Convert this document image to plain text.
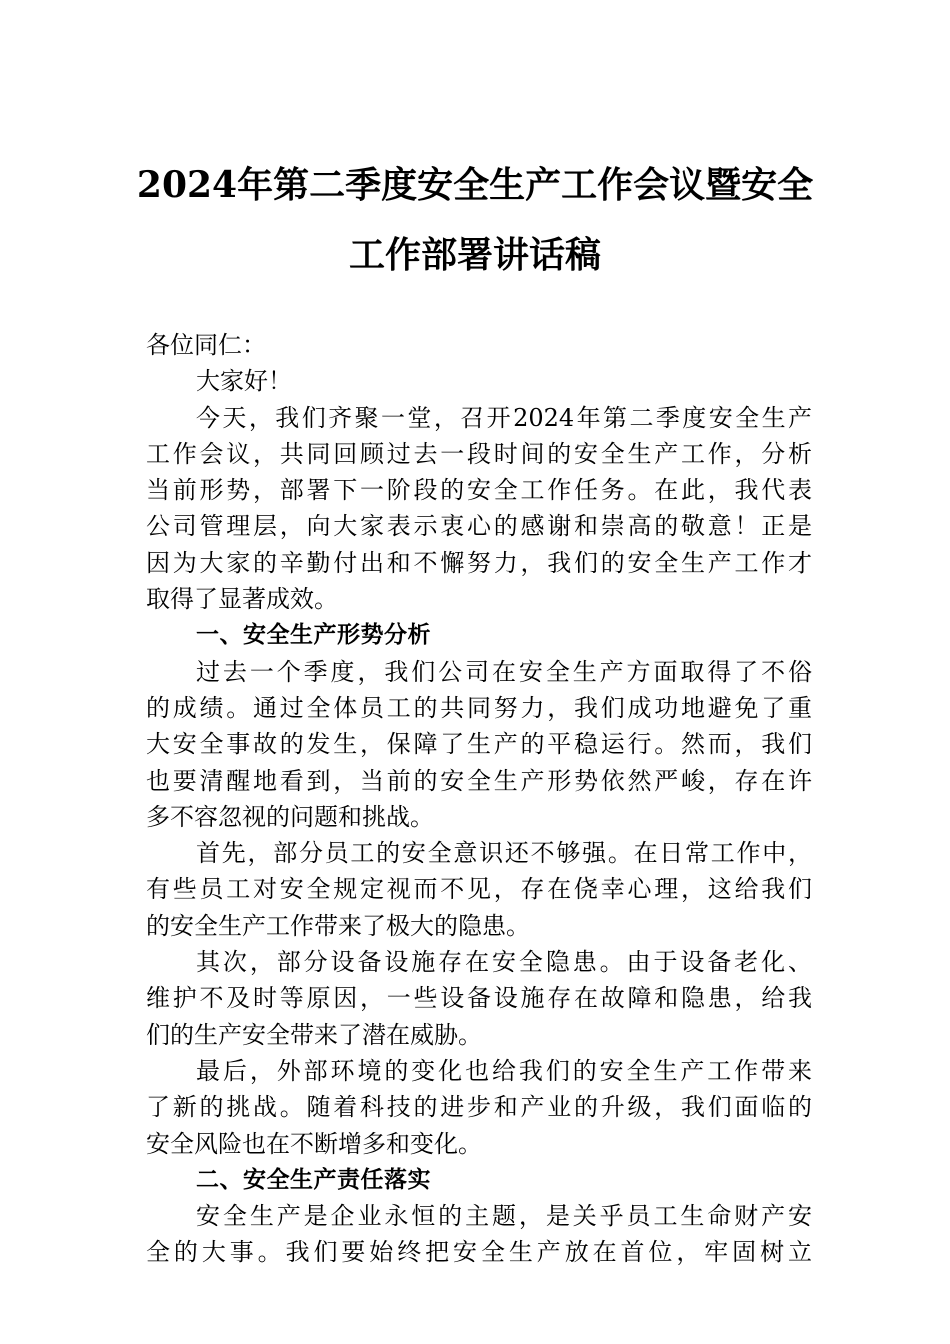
2024年第二季度安全生产工作会议暨安全
工作部署讲话稿
各位同仁：
大家好！
今天，我们齐聚一堂，召开2024年第二季度安全生产
工作会议，共同回顾过去一段时间的安全生产工作，分析
当前形势，部署下一阶段的安全工作任务。在此，我代表
公司管理层，向大家表示衷心的感谢和崇高的敬意！正是
因为大家的辛勤付出和不懈努力，我们的安全生产工作才
取得了显著成效。
一、安全生产形势分析
过去一个季度，我们公司在安全生产方面取得了不俗
的成绩。通过全体员工的共同努力，我们成功地避免了重
大安全事故的发生，保障了生产的平稳运行。然而，我们
也要清醒地看到，当前的安全生产形势依然严峻，存在许
多不容忽视的问题和挑战。
首先，部分员工的安全意识还不够强。在日常工作中，
有些员工对安全规定视而不见，存在侥幸心理，这给我们
的安全生产工作带来了极大的隐患。
其次，部分设备设施存在安全隐患。由于设备老化、
维护不及时等原因，一些设备设施存在故障和隐患，给我
们的生产安全带来了潜在威胁。
最后，外部环境的变化也给我们的安全生产工作带来
了新的挑战。随着科技的进步和产业的升级，我们面临的
安全风险也在不断增多和变化。
二、安全生产责任落实
安全生产是企业永恒的主题，是关乎员工生命财产安
全的大事。我们要始终把安全生产放在首位，牢固树立
